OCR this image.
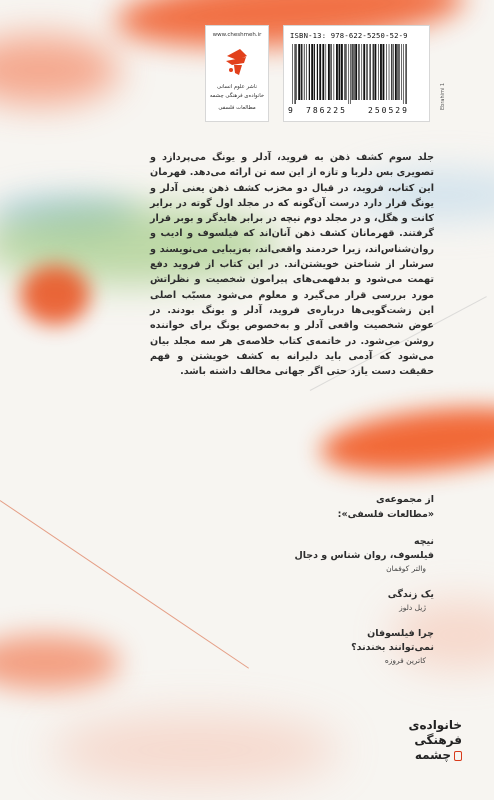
www.cheshmeh.ir
ناشر علوم انسانی
خانواده‌ی فرهنگی چشمه
مطالعات فلسفی
ISBN-13: 978-622-5250-52-9
9 786225	250529
Ebrahimi 1
جلد سوم کشف ذهن به فروید، آدلر و یونگ می‌پردازد و تصویری بس دلربا و تازه از این سه تن ارائه می‌دهد. قهرمان این کتاب، فروید، در قبال دو مخزب کشف ذهن یعنی آدلر و یونگ قرار دارد درست آن‌گونه که در مجلد اول گوته در برابر کانت و هگل، و در مجلد دوم نیچه در برابر هایدگر و بوبر قرار گرفتند. قهرمانان کشف ذهن آنان‌اند که فیلسوف و ادیب و روان‌شناس‌اند، زیرا خردمند واقعی‌اند، به‌زیبایی می‌نویسند و سرشار از شناختن خویشتن‌اند. در این کتاب از فروید دفع تهمت می‌شود و بدفهمی‌های پیرامون شخصیت و نظراتش مورد بررسی قرار می‌گیرد و معلوم می‌شود مسبّب اصلی این زشت‌گویی‌ها درباره‌ی فروید، آدلر و یونگ بودند. در عوض شخصیت واقعی آدلر و به‌خصوص یونگ برای خواننده روشن می‌شود. در خاتمه‌ی کتاب خلاصه‌ی هر سه مجلد بیان می‌شود که آدمی باید دلیرانه به کشف خویشتن و فهم حقیقت دست یازد حتی اگر جهانی مخالف داشته باشد.
از مجموعه‌ی
«مطالعات فلسفی»:
نیچه
فیلسوف، روان شناس و دجال
والتر کوفمان
یک زندگی
ژیل دلوز
چرا فیلسوفان
نمی‌توانند بخندند؟
کاترین فروزه
خانواده‌ی
فرهنگی
چشمه
